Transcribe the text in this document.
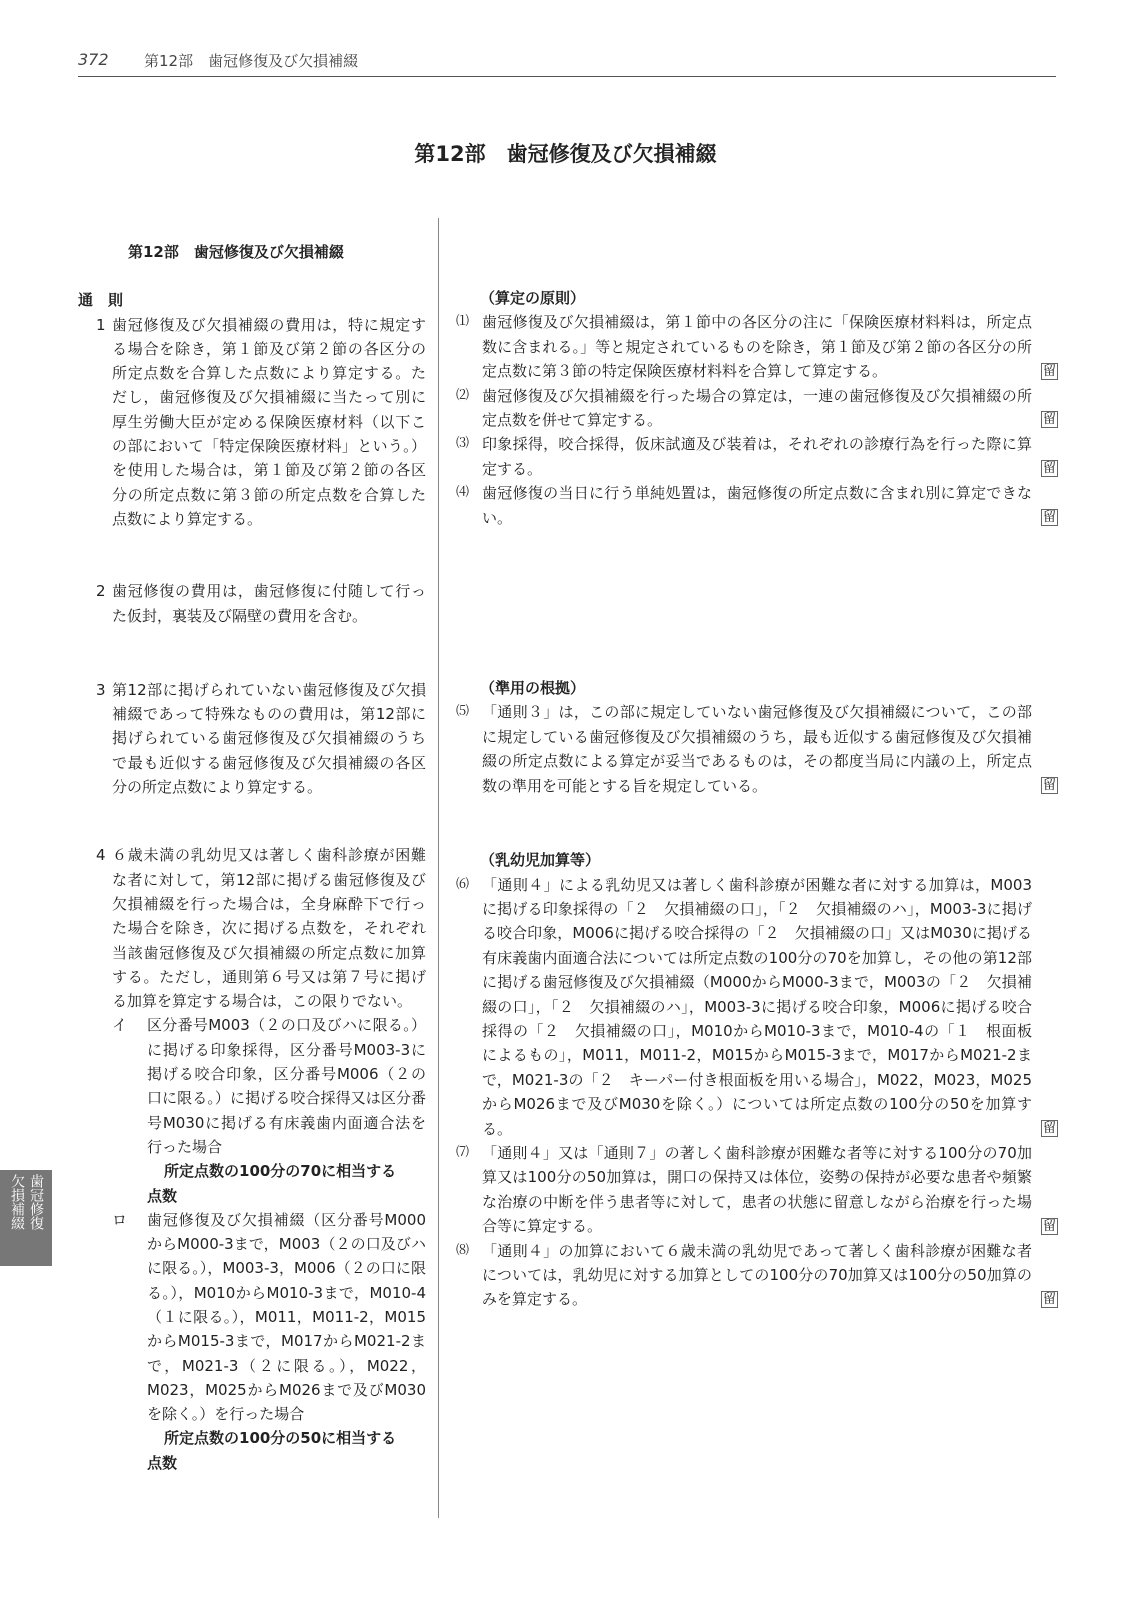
372 第12部　歯冠修復及び欠損補綴
第12部　歯冠修復及び欠損補綴
第12部　歯冠修復及び欠損補綴
通　則
1 歯冠修復及び欠損補綴の費用は，特に規定する場合を除き，第１節及び第２節の各区分の所定点数を合算した点数により算定する。ただし，歯冠修復及び欠損補綴に当たって別に厚生労働大臣が定める保険医療材料（以下この部において「特定保険医療材料」という。）を使用した場合は，第１節及び第２節の各区分の所定点数に第３節の所定点数を合算した点数により算定する。
2 歯冠修復の費用は，歯冠修復に付随して行った仮封，裏装及び隔壁の費用を含む。
3 第12部に掲げられていない歯冠修復及び欠損補綴であって特殊なものの費用は，第12部に掲げられている歯冠修復及び欠損補綴のうちで最も近似する歯冠修復及び欠損補綴の各区分の所定点数により算定する。
4 ６歳未満の乳幼児又は著しく歯科診療が困難な者に対して，第12部に掲げる歯冠修復及び欠損補綴を行った場合は，全身麻酔下で行った場合を除き，次に掲げる点数を，それぞれ当該歯冠修復及び欠損補綴の所定点数に加算する。ただし，通則第６号又は第７号に掲げる加算を算定する場合は，この限りでない。
イ 区分番号M003（２の口及びハに限る。）に掲げる印象採得，区分番号M003-3に掲げる咬合印象，区分番号M006（２の口に限る。）に掲げる咬合採得又は区分番号M030に掲げる有床義歯内面適合法を行った場合
所定点数の100分の70に相当する
点数
ロ 歯冠修復及び欠損補綴（区分番号M000からM000-3まで，M003（２の口及びハに限る。），M003-3，M006（２の口に限る。），M010からM010-3まで，M010-4（１に限る。），M011，M011-2，M015からM015-3まで，M017からM021-2まで，M021-3（２に限る。），M022，M023，M025からM026まで及びM030を除く。）を行った場合
所定点数の100分の50に相当する
点数
（算定の原則）
⑴ 歯冠修復及び欠損補綴は，第１節中の各区分の注に「保険医療材料料は，所定点数に含まれる。」等と規定されているものを除き，第１節及び第２節の各区分の所定点数に第３節の特定保険医療材料料を合算して算定する。	留
⑵ 歯冠修復及び欠損補綴を行った場合の算定は，一連の歯冠修復及び欠損補綴の所定点数を併せて算定する。	留
⑶ 印象採得，咬合採得，仮床試適及び装着は，それぞれの診療行為を行った際に算定する。	留
⑷ 歯冠修復の当日に行う単純処置は，歯冠修復の所定点数に含まれ別に算定できない。	留
（準用の根拠）
⑸ 「通則３」は，この部に規定していない歯冠修復及び欠損補綴について，この部に規定している歯冠修復及び欠損補綴のうち，最も近似する歯冠修復及び欠損補綴の所定点数による算定が妥当であるものは，その都度当局に内議の上，所定点数の準用を可能とする旨を規定している。	留
（乳幼児加算等）
⑹ 「通則４」による乳幼児又は著しく歯科診療が困難な者に対する加算は，M003に掲げる印象採得の「２　欠損補綴の口」，「２　欠損補綴のハ」，M003-3に掲げる咬合印象，M006に掲げる咬合採得の「２　欠損補綴の口」又はM030に掲げる有床義歯内面適合法については所定点数の100分の70を加算し，その他の第12部に掲げる歯冠修復及び欠損補綴（M000からM000-3まで，M003の「２　欠損補綴の口」，「２　欠損補綴のハ」，M003-3に掲げる咬合印象，M006に掲げる咬合採得の「２　欠損補綴の口」，M010からM010-3まで，M010-4の「１　根面板によるもの」，M011，M011-2，M015からM015-3まで，M017からM021-2まで，M021-3の「２　キーパー付き根面板を用いる場合」，M022，M023，M025からM026まで及びM030を除く。）については所定点数の100分の50を加算する。	留
⑺ 「通則４」又は「通則７」の著しく歯科診療が困難な者等に対する100分の70加算又は100分の50加算は，開口の保持又は体位，姿勢の保持が必要な患者や頻繁な治療の中断を伴う患者等に対して，患者の状態に留意しながら治療を行った場合等に算定する。	留
⑻ 「通則４」の加算において６歳未満の乳幼児であって著しく歯科診療が困難な者については，乳幼児に対する加算としての100分の70加算又は100分の50加算のみを算定する。	留
歯冠修復
欠損補綴
